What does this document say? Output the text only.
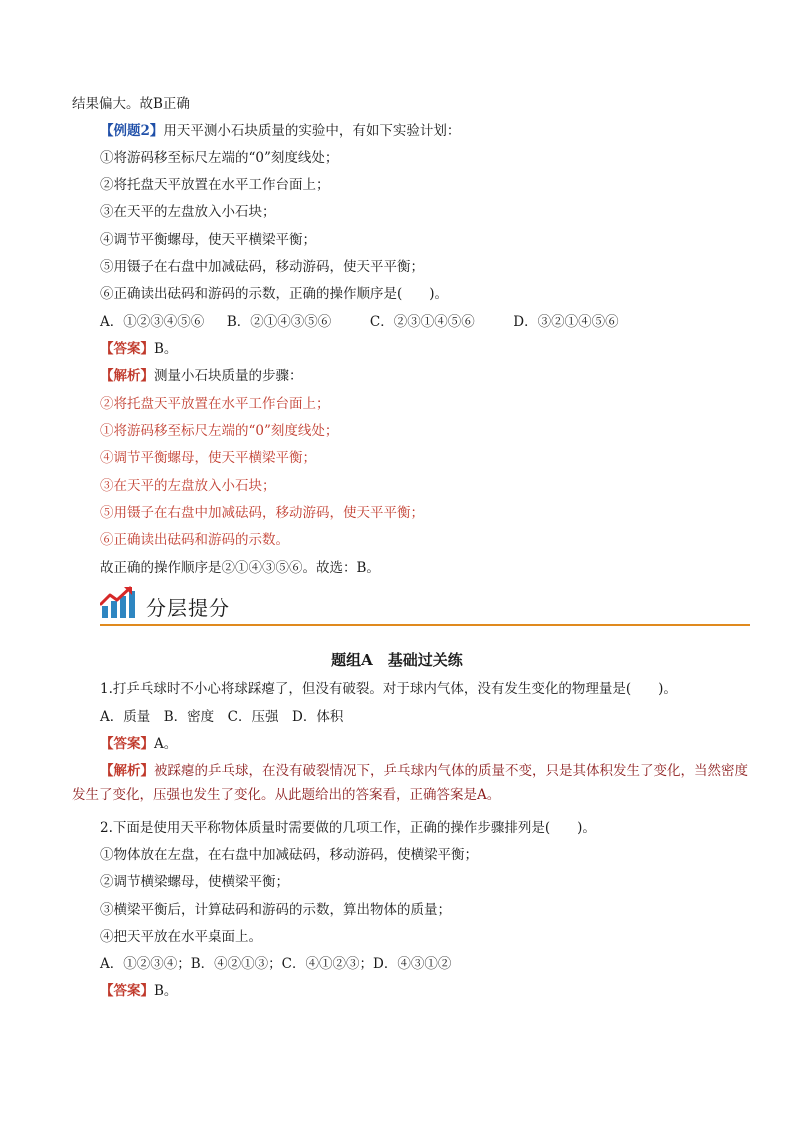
结果偏大。故B正确
【例题2】用天平测小石块质量的实验中，有如下实验计划：
①将游码移至标尺左端的“0”刻度线处；
②将托盘天平放置在水平工作台面上；
③在天平的左盘放入小石块；
④调节平衡螺母，使天平横梁平衡；
⑤用镊子在右盘中加减砝码，移动游码，使天平平衡；
⑥正确读出砝码和游码的示数，正确的操作顺序是(　　)。
A．①②③④⑤⑥ B．②①④③⑤⑥	C．②③①④⑤⑥	D．③②①④⑤⑥
【答案】B。
【解析】测量小石块质量的步骤：
②将托盘天平放置在水平工作台面上；
①将游码移至标尺左端的“0”刻度线处；
④调节平衡螺母，使天平横梁平衡；
③在天平的左盘放入小石块；
⑤用镊子在右盘中加减砝码，移动游码，使天平平衡；
⑥正确读出砝码和游码的示数。
故正确的操作顺序是②①④③⑤⑥。故选：B。
分层提分
题组A　基础过关练
1.打乒乓球时不小心将球踩瘪了，但没有破裂。对于球内气体，没有发生变化的物理量是(　　)。
A．质量　B．密度　C．压强　D．体积
【答案】A。
【解析】被踩瘪的乒乓球，在没有破裂情况下，乒乓球内气体的质量不变，只是其体积发生了变化，当然密度发生了变化，压强也发生了变化。从此题给出的答案看，正确答案是A。
2.下面是使用天平称物体质量时需要做的几项工作，正确的操作步骤排列是(　　)。
①物体放在左盘，在右盘中加减砝码，移动游码，使横梁平衡；
②调节横梁螺母，使横梁平衡；
③横梁平衡后，计算砝码和游码的示数，算出物体的质量；
④把天平放在水平桌面上。
A．①②③④；B．④②①③；C．④①②③；D．④③①②
【答案】B。
